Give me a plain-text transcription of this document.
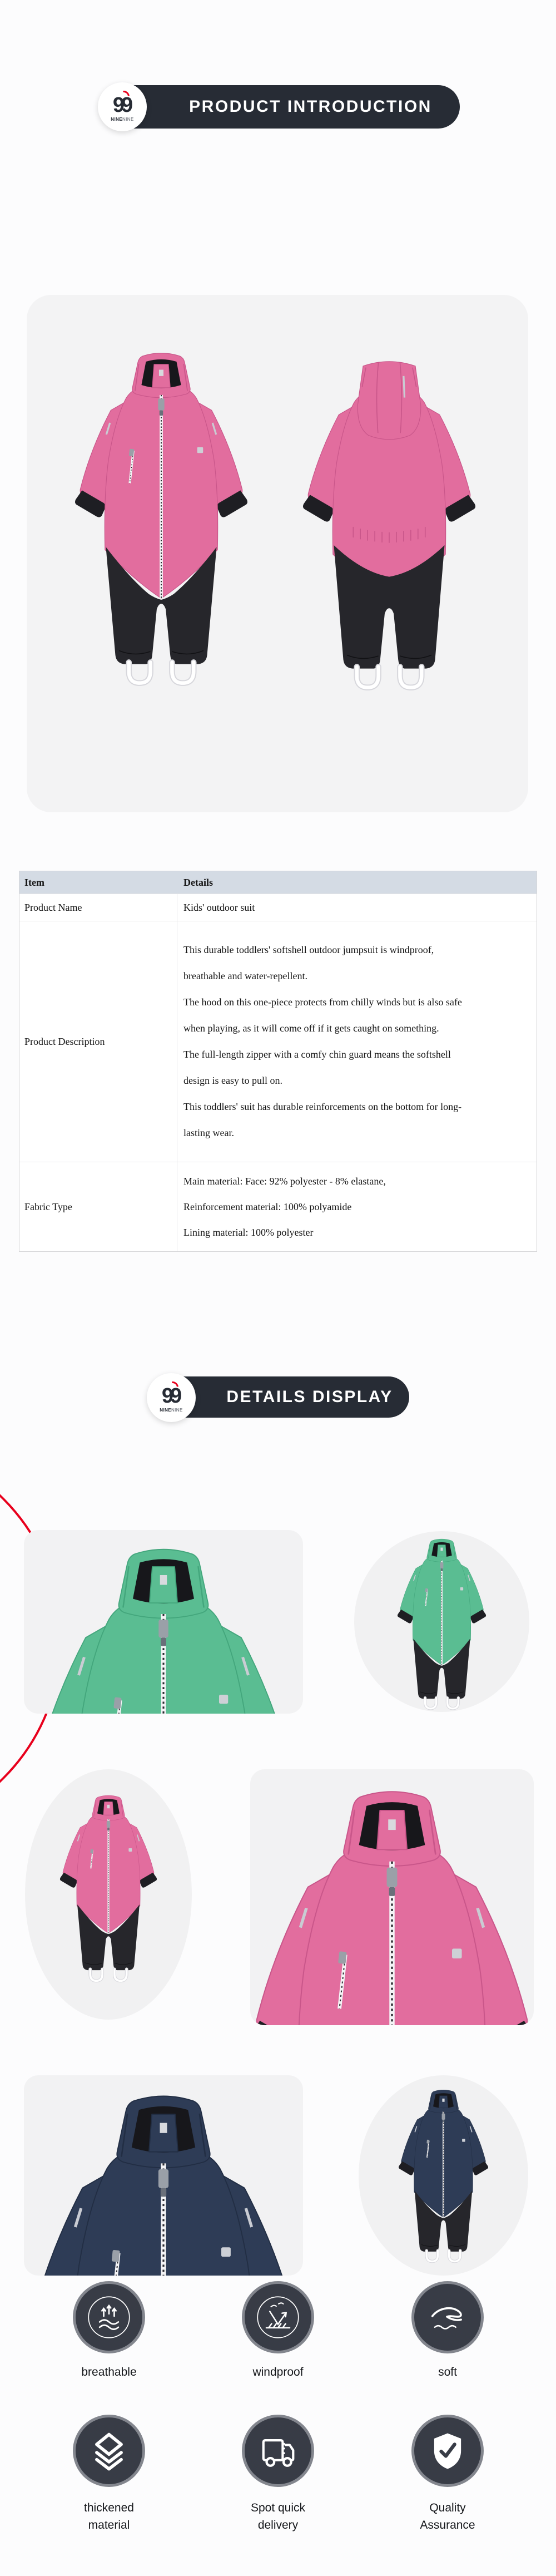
PRODUCT INTRODUCTION
99
NINENINE
Item	Details
Product Name	Kids' outdoor suit
Product Description
This durable toddlers' softshell outdoor jumpsuit is windproof,
breathable and water-repellent.
The hood on this one-piece protects from chilly winds but is also safe
when playing, as it will come off if it gets caught on something.
The full-length zipper with a comfy chin guard means the softshell
design is easy to pull on.
This toddlers' suit has durable reinforcements on the bottom for long-
lasting wear.
Fabric Type
Main material: Face: 92% polyester - 8% elastane,
Reinforcement material: 100% polyamide
Lining material: 100% polyester
DETAILS DISPLAY
99
NINENINE
breathable	windproof	soft
thickened
material
Spot quick
delivery
Quality
Assurance
